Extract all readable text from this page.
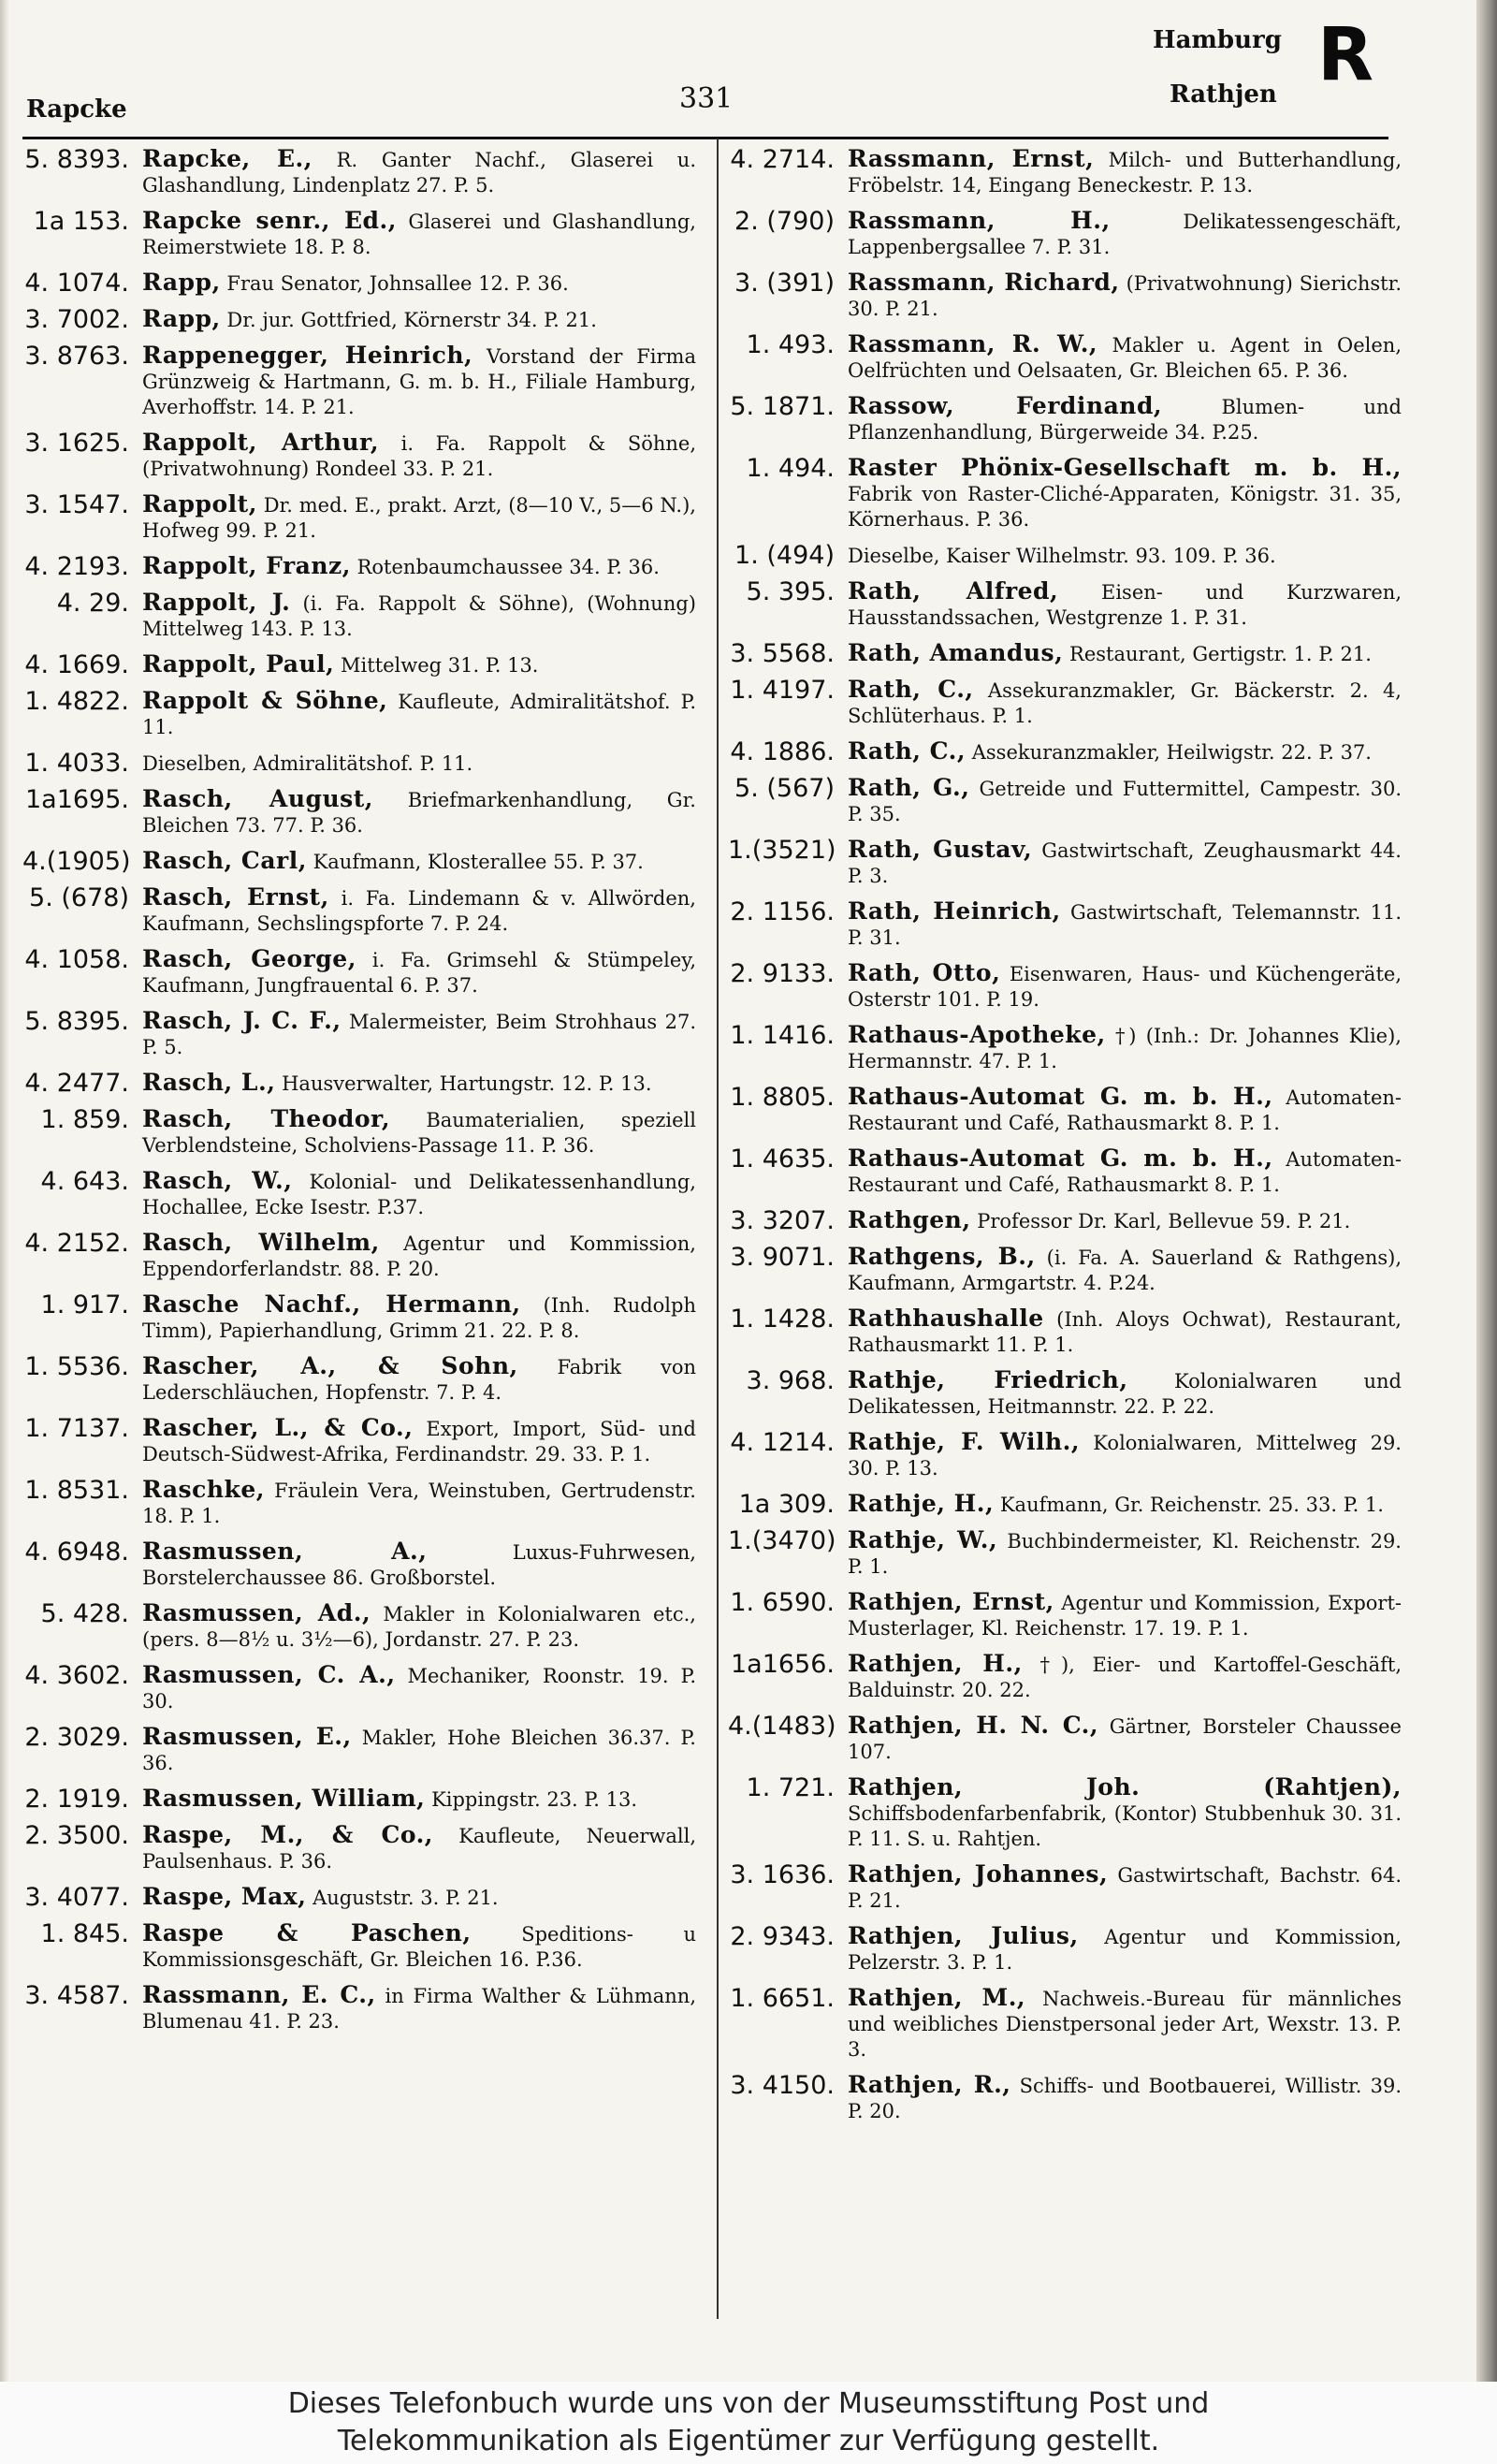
Rapcke	331
Hamburg
Rathjen R
5. 8393. Rapcke, E., R. Ganter Nachf., Glaserei u. Glashandlung, Lindenplatz 27. P. 5.
1a 153. Rapcke senr., Ed., Glaserei und Glashandlung, Reimerstwiete 18. P. 8.
4. 1074. Rapp, Frau Senator, Johnsallee 12. P. 36.
3. 7002. Rapp, Dr. jur. Gottfried, Körnerstr 34. P. 21.
3. 8763. Rappenegger, Heinrich, Vorstand der Firma Grünzweig & Hartmann, G. m. b. H., Filiale Hamburg, Averhoffstr. 14. P. 21.
3. 1625. Rappolt, Arthur, i. Fa. Rappolt & Söhne, (Privatwohnung) Rondeel 33. P. 21.
3. 1547. Rappolt, Dr. med. E., prakt. Arzt, (8—10 V., 5—6 N.), Hofweg 99. P. 21.
4. 2193. Rappolt, Franz, Rotenbaumchaussee 34. P. 36.
4. 29. Rappolt, J. (i. Fa. Rappolt & Söhne), (Wohnung) Mittelweg 143. P. 13.
4. 1669. Rappolt, Paul, Mittelweg 31. P. 13.
1. 4822. Rappolt & Söhne, Kaufleute, Admiralitätshof. P. 11.
1. 4033. Dieselben, Admiralitätshof. P. 11.
1a1695. Rasch, August, Briefmarkenhandlung, Gr. Bleichen 73. 77. P. 36.
4.(1905) Rasch, Carl, Kaufmann, Klosterallee 55. P. 37.
5. (678) Rasch, Ernst, i. Fa. Lindemann & v. Allwörden, Kaufmann, Sechslingspforte 7. P. 24.
4. 1058. Rasch, George, i. Fa. Grimsehl & Stümpeley, Kaufmann, Jungfrauental 6. P. 37.
5. 8395. Rasch, J. C. F., Malermeister, Beim Strohhaus 27. P. 5.
4. 2477. Rasch, L., Hausverwalter, Hartungstr. 12. P. 13.
1. 859. Rasch, Theodor, Baumaterialien, speziell Verblendsteine, Scholviens-Passage 11. P. 36.
4. 643. Rasch, W., Kolonial- und Delikatessenhandlung, Hochallee, Ecke Isestr. P.37.
4. 2152. Rasch, Wilhelm, Agentur und Kommission, Eppendorferlandstr. 88. P. 20.
1. 917. Rasche Nachf., Hermann, (Inh. Rudolph Timm), Papierhandlung, Grimm 21. 22. P. 8.
1. 5536. Rascher, A., & Sohn, Fabrik von Lederschläuchen, Hopfenstr. 7. P. 4.
1. 7137. Rascher, L., & Co., Export, Import, Süd- und Deutsch-Südwest-Afrika, Ferdinandstr. 29. 33. P. 1.
1. 8531. Raschke, Fräulein Vera, Weinstuben, Gertrudenstr. 18. P. 1.
4. 6948. Rasmussen, A.,	Luxus-Fuhrwesen, Borstelerchaussee 86. Großborstel.
5. 428. Rasmussen, Ad., Makler in Kolonialwaren etc., (pers. 8—8½ u. 3½—6), Jordanstr. 27. P. 23.
4. 3602. Rasmussen, C. A., Mechaniker, Roonstr. 19. P. 30.
2. 3029. Rasmussen, E., Makler, Hohe Bleichen 36.37. P. 36.
2. 1919. Rasmussen, William, Kippingstr. 23. P. 13.
2. 3500. Raspe, M., & Co., Kaufleute, Neuerwall, Paulsenhaus. P. 36.
3. 4077. Raspe, Max, Auguststr. 3. P. 21.
1. 845. Raspe & Paschen,	Speditions- u Kommissionsgeschäft, Gr. Bleichen 16. P.36.
3. 4587. Rassmann, E. C., in Firma Walther & Lühmann, Blumenau 41. P. 23.
4. 2714. Rassmann, Ernst, Milch- und Butterhandlung, Fröbelstr. 14, Eingang Beneckestr. P. 13.
2. (790) Rassmann, H.,	Delikatessengeschäft, Lappenbergsallee 7. P. 31.
3. (391) Rassmann, Richard, (Privatwohnung) Sierichstr. 30. P. 21.
1. 493. Rassmann, R. W., Makler u. Agent in Oelen, Oelfrüchten und Oelsaaten, Gr. Bleichen 65. P. 36.
5. 1871. Rassow, Ferdinand,	Blumen- und Pflanzenhandlung, Bürgerweide 34. P.25.
1. 494. Raster Phönix-Gesellschaft m. b. H., Fabrik von Raster-Cliché-Apparaten, Königstr. 31. 35, Körnerhaus. P. 36.
1. (494) Dieselbe, Kaiser Wilhelmstr. 93. 109. P. 36.
5. 395. Rath, Alfred, Eisen- und Kurzwaren, Hausstandssachen, Westgrenze 1. P. 31.
3. 5568. Rath, Amandus, Restaurant, Gertigstr. 1. P. 21.
1. 4197. Rath, C., Assekuranzmakler, Gr. Bäckerstr. 2. 4, Schlüterhaus. P. 1.
4. 1886. Rath, C., Assekuranzmakler, Heilwigstr. 22. P. 37.
5. (567) Rath, G., Getreide und Futtermittel, Campestr. 30. P. 35.
1.(3521) Rath, Gustav, Gastwirtschaft, Zeughausmarkt 44. P. 3.
2. 1156. Rath, Heinrich, Gastwirtschaft, Telemannstr. 11. P. 31.
2. 9133. Rath, Otto, Eisenwaren, Haus- und Küchengeräte, Osterstr 101. P. 19.
1. 1416. Rathaus-Apotheke, †) (Inh.: Dr. Johannes Klie), Hermannstr. 47. P. 1.
1. 8805. Rathaus-Automat G. m. b. H., Automaten-Restaurant und Café, Rathausmarkt 8. P. 1.
1. 4635. Rathaus-Automat G. m. b. H., Automaten-Restaurant und Café, Rathausmarkt 8. P. 1.
3. 3207. Rathgen, Professor Dr. Karl, Bellevue 59. P. 21.
3. 9071. Rathgens, B., (i. Fa. A. Sauerland & Rathgens), Kaufmann, Armgartstr. 4. P.24.
1. 1428. Rathhaushalle (Inh. Aloys Ochwat), Restaurant, Rathausmarkt 11. P. 1.
3. 968. Rathje, Friedrich, Kolonialwaren und Delikatessen, Heitmannstr. 22. P. 22.
4. 1214. Rathje, F. Wilh., Kolonialwaren, Mittelweg 29. 30. P. 13.
1a 309. Rathje, H., Kaufmann, Gr. Reichenstr. 25. 33. P. 1.
1.(3470) Rathje, W., Buchbindermeister, Kl. Reichenstr. 29. P. 1.
1. 6590. Rathjen, Ernst, Agentur und Kommission, Export-Musterlager, Kl. Reichenstr. 17. 19. P. 1.
1a1656. Rathjen, H., †), Eier- und Kartoffel-Geschäft, Balduinstr. 20. 22.
4.(1483) Rathjen, H. N. C., Gärtner, Borsteler Chaussee 107.
1. 721. Rathjen, Joh. (Rahtjen), Schiffsbodenfarbenfabrik, (Kontor) Stubbenhuk 30. 31. P. 11. S. u. Rahtjen.
3. 1636. Rathjen, Johannes, Gastwirtschaft, Bachstr. 64. P. 21.
2. 9343. Rathjen, Julius, Agentur und Kommission, Pelzerstr. 3. P. 1.
1. 6651. Rathjen, M., Nachweis.-Bureau für männliches und weibliches Dienstpersonal jeder Art, Wexstr. 13. P. 3.
3. 4150. Rathjen, R., Schiffs- und Bootbauerei, Willistr. 39. P. 20.
Dieses Telefonbuch wurde uns von der Museumsstiftung Post und
Telekommunikation als Eigentümer zur Verfügung gestellt.
